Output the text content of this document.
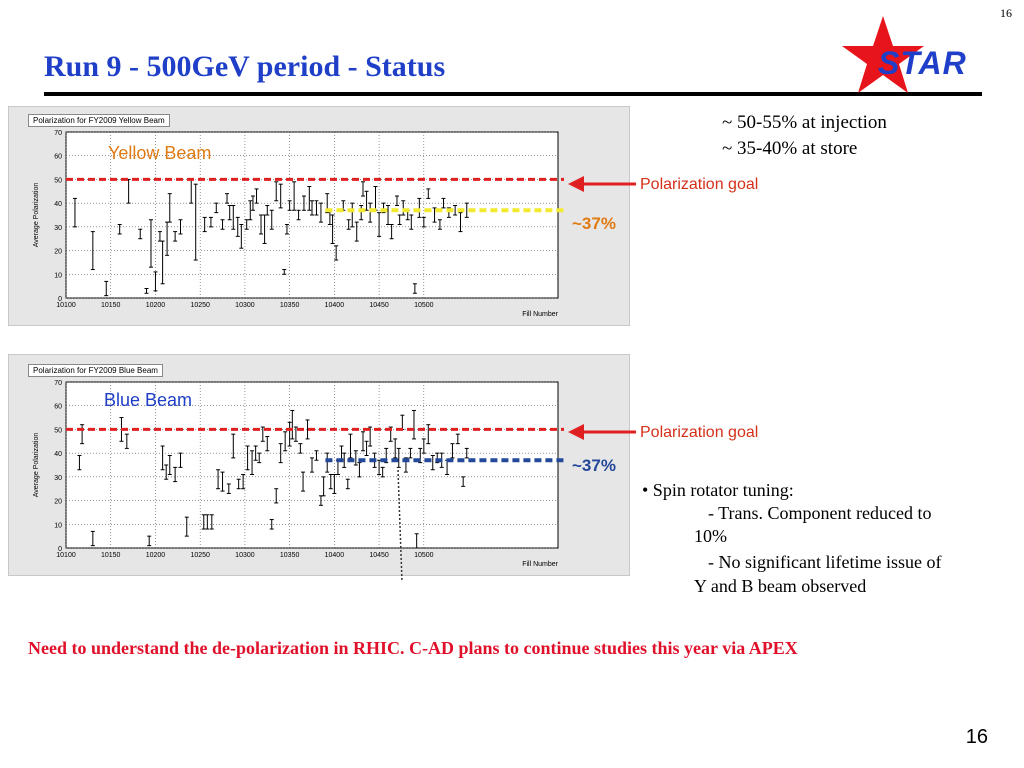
16
Run 9 - 500GeV period - Status	STAR
Polarization for FY2009 Yellow Beam
0
10
20
30
40
50
60
70
10100	10150	10200	10250	10300	10350	10400	10450	10500
Average Polarization
Fill Number
Yellow Beam
Polarization for FY2009 Blue Beam
0
10
20
30
40
50
60
70
10100	10150	10200	10250	10300	10350	10400	10450	10500
Average Polarization
Fill Number
Blue Beam
Polarization goal
~37%
Polarization goal
~37%
~ 50-55% at injection
~ 35-40% at store
• Spin rotator tuning:
- Trans. Component reduced to
10%
- No significant lifetime issue of
Y and B beam observed
Need to understand the de-polarization in RHIC. C-AD plans to continue studies this year via APEX
16
